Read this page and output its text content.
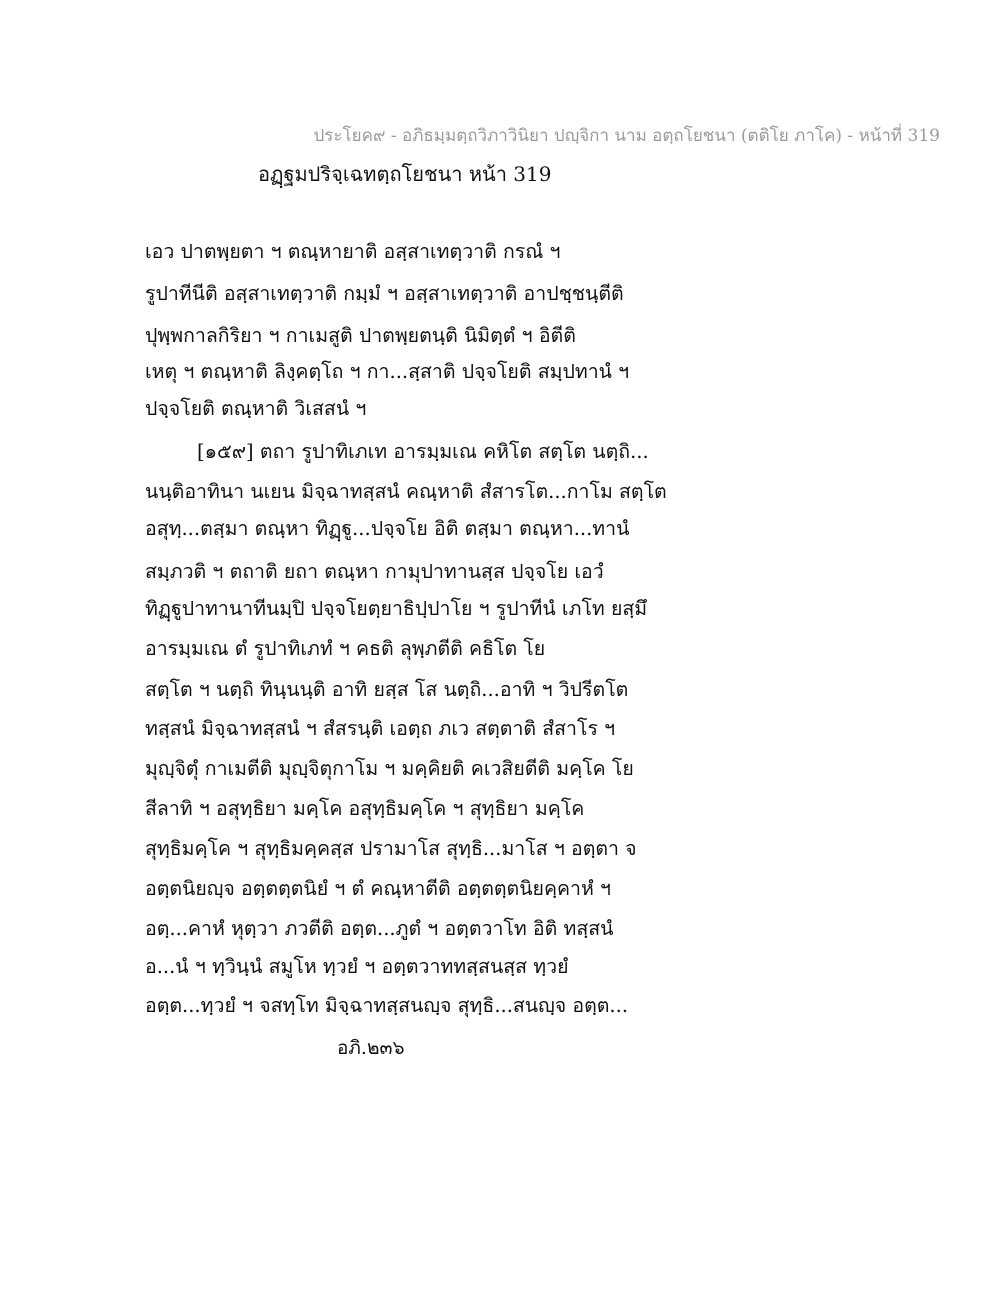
ประโยค๙ - อภิธมฺมตฺถวิภาวินิยา ปญฺจิกา นาม อตฺถโยชนา (ตติโย ภาโค) - หน้าที่ 319
อฏฺฐมปริจฺเฉทตฺถโยชนา หน้า 319
เอว ปาตพฺยตา ฯ ตณฺหายาติ อสฺสาเทตฺวาติ กรณํ ฯ
รูปาทีนีติ อสฺสาเทตฺวาติ กมฺมํ ฯ อสฺสาเทตฺวาติ อาปชฺชนฺตีติ
ปุพฺพกาลกิริยา ฯ กาเมสูติ ปาตพฺยตนฺติ นิมิตฺตํ ฯ อิตีติ
เหตุ ฯ ตณฺหาติ ลิงฺคตฺโถ ฯ กา...สฺสาติ ปจฺจโยติ สมฺปทานํ ฯ
ปจฺจโยติ ตณฺหาติ วิเสสนํ ฯ
[๑๕๙] ตถา รูปาทิเภเท อารมฺมเณ คหิโต สตฺโต นตฺถิ...
นนฺติอาทินา นเยน มิจฺฉาทสฺสนํ คณฺหาติ สํสารโต...กาโม สตฺโต
อสุทฺ...ตสฺมา ตณฺหา ทิฏฺฐู...ปจฺจโย อิติ ตสฺมา ตณฺหา...ทานํ
สมฺภวติ ฯ ตถาติ ยถา ตณฺหา กามุปาทานสฺส ปจฺจโย เอวํ
ทิฏฺฐูปาทานาทีนมฺปิ ปจฺจโยตฺยาธิปฺปาโย ฯ รูปาทีนํ เภโท ยสฺมึ
อารมฺมเณ ตํ รูปาทิเภทํ ฯ คธติ ลุพฺภตีติ คธิโต โย
สตฺโต ฯ นตฺถิ ทินฺนนฺติ อาทิ ยสฺส โส นตฺถิ...อาทิ ฯ วิปรีตโต
ทสฺสนํ มิจฺฉาทสฺสนํ ฯ สํสรนฺติ เอตฺถ ภเว สตฺตาติ สํสาโร ฯ
มุญฺจิตุํ กาเมตีติ มุญฺจิตุกาโม ฯ มคฺคิยติ คเวสิยตีติ มคฺโค โย
สีลาทิ ฯ อสุทฺธิยา มคฺโค อสุทฺธิมคฺโค ฯ สุทฺธิยา มคฺโค
สุทฺธิมคฺโค ฯ สุทฺธิมคฺคสฺส ปรามาโส สุทฺธิ...มาโส ฯ อตฺตา จ
อตฺตนิยญฺจ อตฺตตฺตนิยํ ฯ ตํ คณฺหาตีติ อตฺตตฺตนิยคฺคาหํ ฯ
อตฺ...คาหํ หุตฺวา ภวตีติ อตฺต...ภูตํ ฯ อตฺตวาโท อิติ ทสฺสนํ
อ...นํ ฯ ทฺวินฺนํ สมูโห ทฺวยํ ฯ อตฺตวาททสฺสนสฺส ทฺวยํ
อตฺต...ทฺวยํ ฯ จสทฺโท มิจฺฉาทสฺสนญฺจ สุทฺธิ...สนญฺจ อตฺต...
อภิ.๒๓๖
